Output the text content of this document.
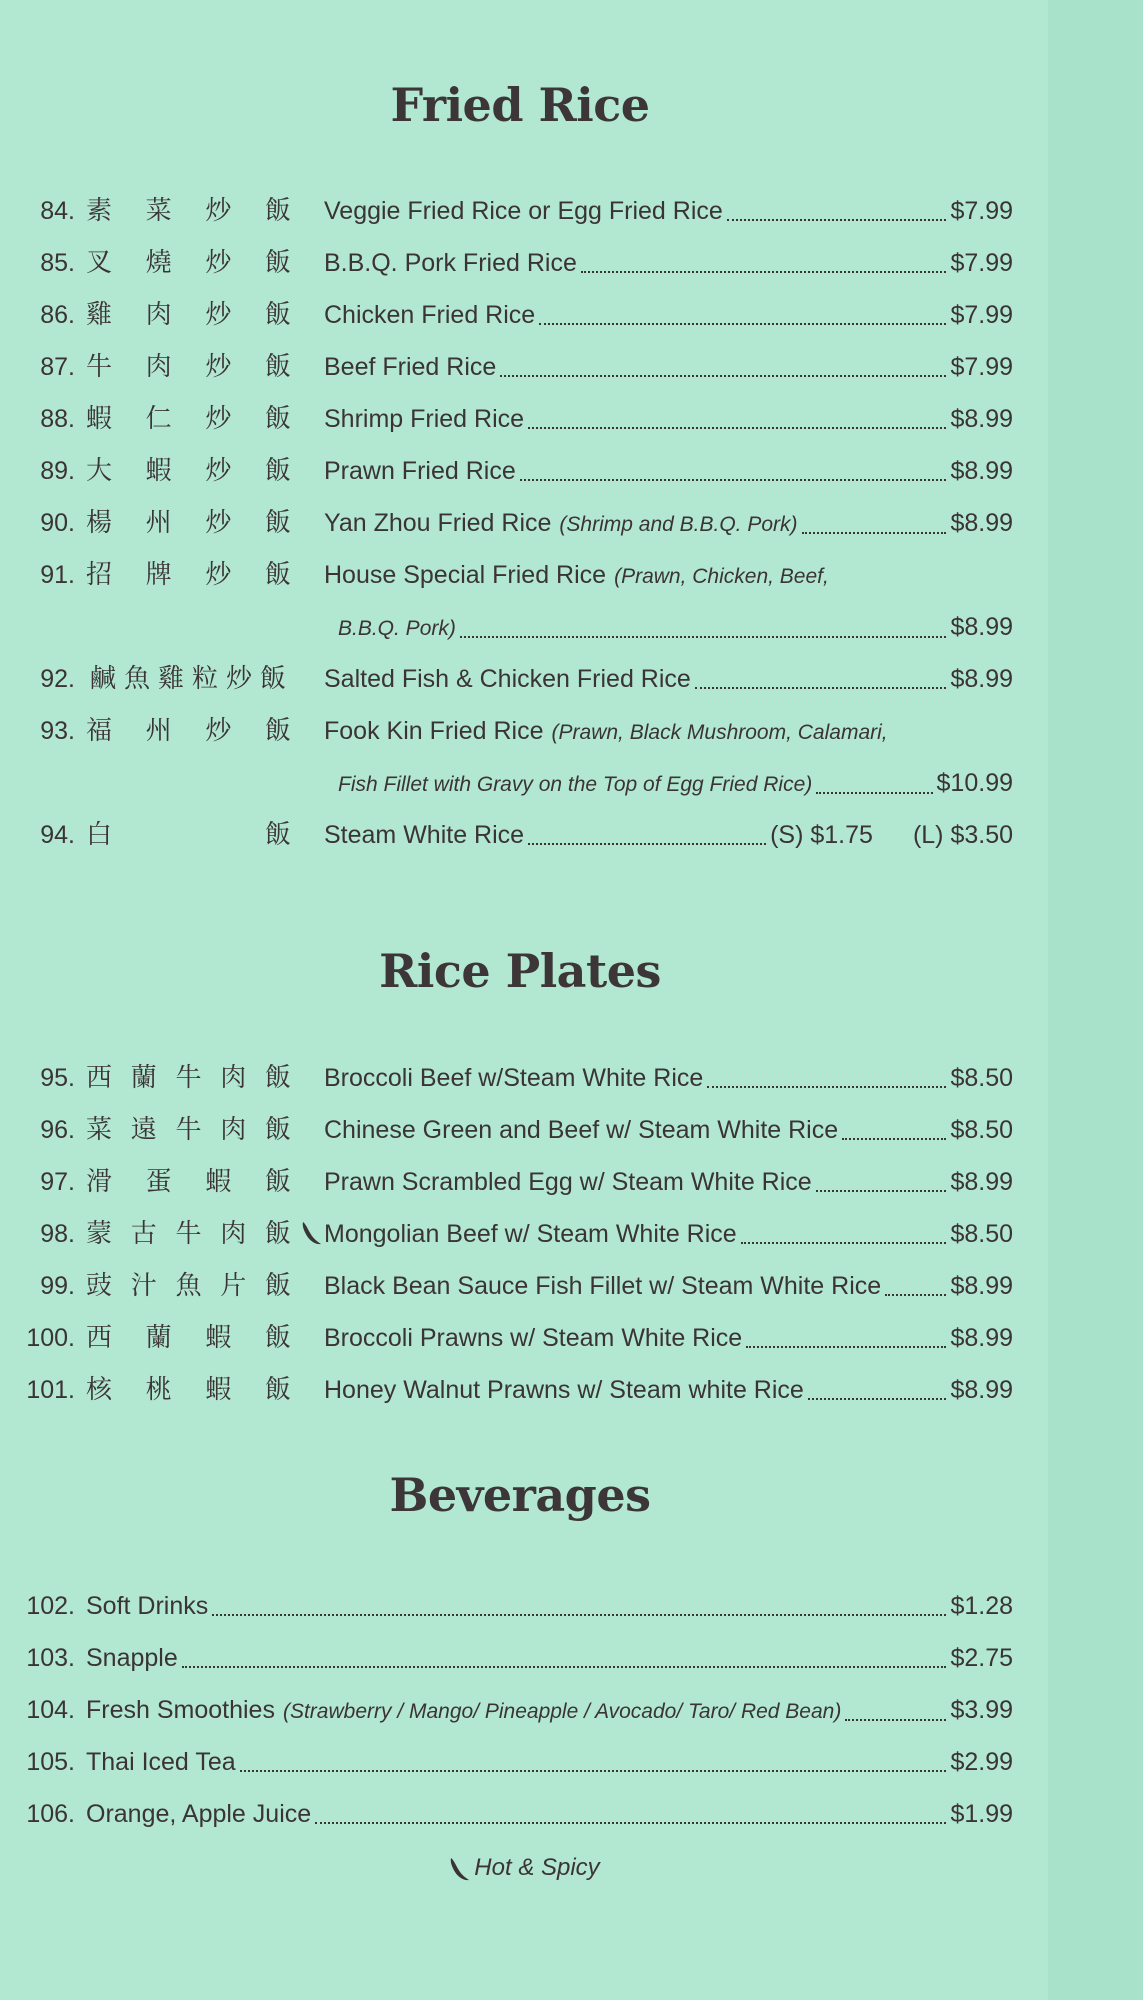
Fried Rice
84. 素 菜 炒 飯 Veggie Fried Rice or Egg Fried Rice	$7.99
85. 叉 燒 炒 飯 B.B.Q. Pork Fried Rice	$7.99
86. 雞 肉 炒 飯 Chicken Fried Rice	$7.99
87. 牛 肉 炒 飯 Beef Fried Rice	$7.99
88. 蝦 仁 炒 飯 Shrimp Fried Rice	$8.99
89. 大 蝦 炒 飯 Prawn Fried Rice	$8.99
90. 楊 州 炒 飯 Yan Zhou Fried Rice (Shrimp and B.B.Q. Pork)	$8.99
91. 招 牌 炒 飯 House Special Fried Rice (Prawn, Chicken, Beef,
B.B.Q. Pork)	$8.99
92. 鹹 魚 雞 粒 炒 飯 Salted Fish & Chicken Fried Rice	$8.99
93. 福 州 炒 飯 Fook Kin Fried Rice (Prawn, Black Mushroom, Calamari,
Fish Fillet with Gravy on the Top of Egg Fried Rice)	$10.99
94. 白	飯 Steam White Rice	(S) $1.75 (L) $3.50
Rice Plates
95. 西 蘭 牛 肉 飯 Broccoli Beef w/Steam White Rice	$8.50
96. 菜 遠 牛 肉 飯 Chinese Green and Beef w/ Steam White Rice	$8.50
97. 滑 蛋 蝦 飯 Prawn Scrambled Egg w/ Steam White Rice	$8.99
98. 蒙 古 牛 肉 飯 Mongolian Beef w/ Steam White Rice	$8.50
99. 豉 汁 魚 片 飯 Black Bean Sauce Fish Fillet w/ Steam White Rice	$8.99
100. 西 蘭 蝦 飯 Broccoli Prawns w/ Steam White Rice	$8.99
101. 核 桃 蝦 飯 Honey Walnut Prawns w/ Steam white Rice	$8.99
Beverages
102. Soft Drinks	$1.28
103. Snapple	$2.75
104. Fresh Smoothies (Strawberry / Mango/ Pineapple / Avocado/ Taro/ Red Bean)	$3.99
105. Thai Iced Tea	$2.99
106. Orange, Apple Juice	$1.99
Hot & Spicy
